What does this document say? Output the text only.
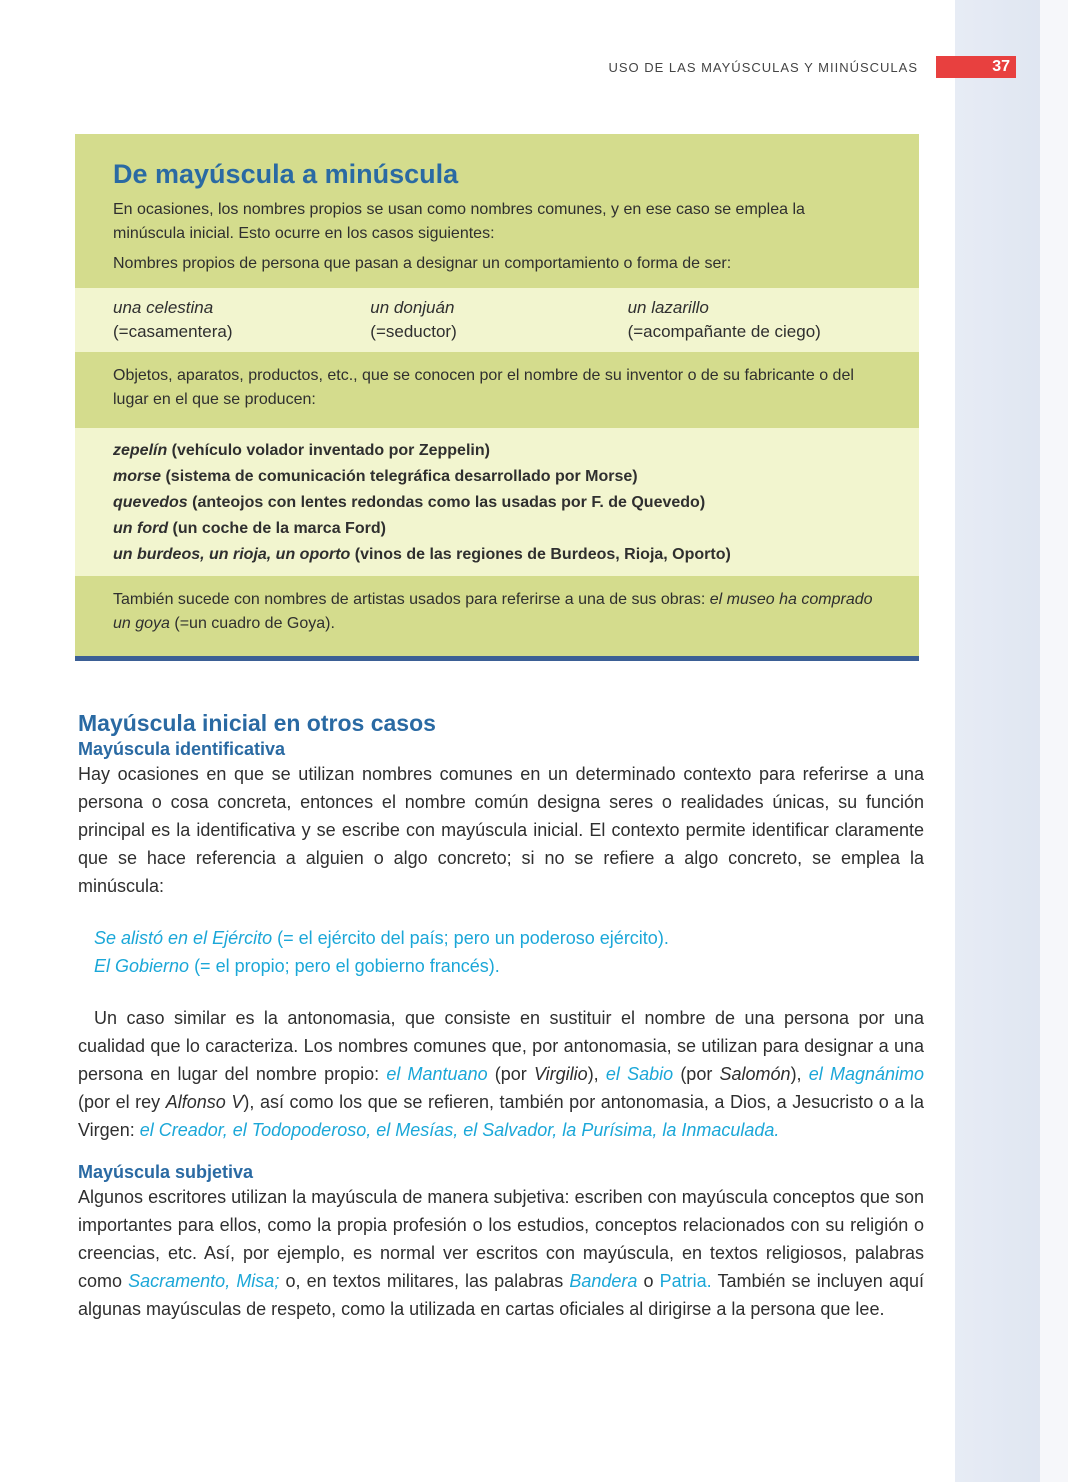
USO DE LAS MAYÚSCULAS Y MIINÚSCULAS	37
De mayúscula a minúscula

En ocasiones, los nombres propios se usan como nombres comunes, y en ese caso se emplea la minúscula inicial. Esto ocurre en los casos siguientes:

Nombres propios de persona que pasan a designar un comportamiento o forma de ser:

una celestina
(=casamentera)
un donjuán
(=seductor)
un lazarillo
(=acompañante de ciego)

Objetos, aparatos, productos, etc., que se conocen por el nombre de su inventor o de su fabricante o del lugar en el que se producen:

zepelín (vehículo volador inventado por Zeppelin)
morse (sistema de comunicación telegráfica desarrollado por Morse)
quevedos (anteojos con lentes redondas como las usadas por F. de Quevedo)
un ford (un coche de la marca Ford)
un burdeos, un rioja, un oporto (vinos de las regiones de Burdeos, Rioja, Oporto)

También sucede con nombres de artistas usados para referirse a una de sus obras: el museo ha comprado un goya (=un cuadro de Goya).

Mayúscula inicial en otros casos
Mayúscula identificativa

Hay ocasiones en que se utilizan nombres comunes en un determinado contexto para referirse a una persona o cosa concreta, entonces el nombre común designa seres o realidades únicas, su función principal es la identificativa y se escribe con mayúscula inicial. El contexto permite identificar claramente que se hace referencia a alguien o algo concreto; si no se refiere a algo concreto, se emplea la minúscula:

Se alistó en el Ejército (= el ejército del país; pero un poderoso ejército).
El Gobierno (= el propio; pero el gobierno francés).

Un caso similar es la antonomasia, que consiste en sustituir el nombre de una persona por una cualidad que lo caracteriza. Los nombres comunes que, por antonomasia, se utilizan para designar a una persona en lugar del nombre propio: el Mantuano (por Virgilio), el Sabio (por Salomón), el Magnánimo (por el rey Alfonso V), así como los que se refieren, también por antonomasia, a Dios, a Jesucristo o a la Virgen: el Creador, el Todopoderoso, el Mesías, el Salvador, la Purísima, la Inmaculada.

Mayúscula subjetiva

Algunos escritores utilizan la mayúscula de manera subjetiva: escriben con mayúscula conceptos que son importantes para ellos, como la propia profesión o los estudios, conceptos relacionados con su religión o creencias, etc. Así, por ejemplo, es normal ver escritos con mayúscula, en textos religiosos, palabras como Sacramento, Misa; o, en textos militares, las palabras Bandera o Patria. También se incluyen aquí algunas mayúsculas de respeto, como la utilizada en cartas oficiales al dirigirse a la persona que lee.
